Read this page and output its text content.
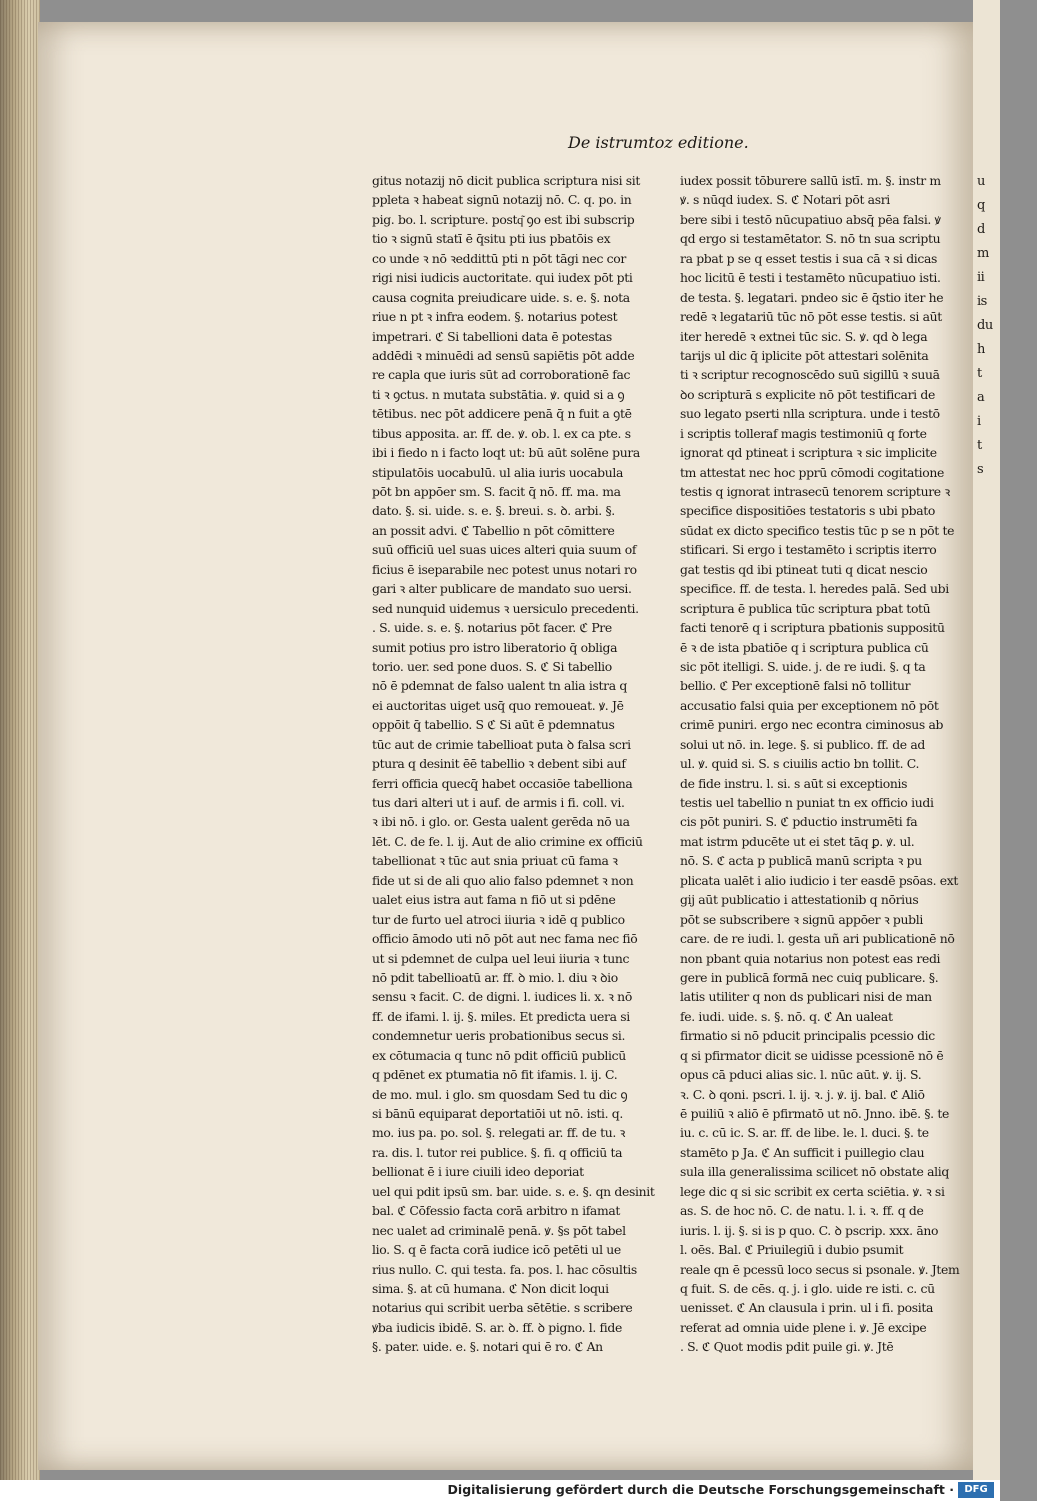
De istrumtoz editione.
gitus notazij nō dicit publica scriptura nisi sit
ppleta ꝛ habeat signū notazij nō. C. q. po. in
pig. bo. l. scripture. postq͂ ꝯo est ibi subscrip
tio ꝛ signū statī ē q̄situ pti ius pbatōis ex
co unde ꝛ nō ꝛeddittū pti n pōt tāgi nec cor
rigi nisi iudicis auctoritate. qui iudex pōt pti
causa cognita preiudicare uide. s. e. §. nota
riue n pt ꝛ infra eodem. §. notarius potest
impetrari. ℭ Si tabellioni data ē potestas
addēdi ꝛ minuēdi ad sensū sapiētis pōt adde
re capla que iuris sūt ad corroborationē fac
ti ꝛ ꝯctus. n mutata substātia. ꝟ. quid si a ꝯ
tētibus. nec pōt addicere penā q̄ n fuit a ꝯtē
tibus apposita. ar. ff. de. ꝟ. ob. l. ex ca pte. s
ibi i fiedo n i facto loqt ut: bū aūt solēne pura
stipulatōis uocabulū. ul alia iuris uocabula
pōt bn appōer sm. S. facit q̄ nō. ff. ma. ma
dato. §. si. uide. s. e. §. breui. s. ꝺ. arbi. §.
an possit advi. ℭ Tabellio n pōt cōmittere
suū officiū uel suas uices alteri quia suum of
ficius ē iseparabile nec potest unus notari ro
gari ꝛ alter publicare de mandato suo uersi.
sed nunquid uidemus ꝛ uersiculo precedenti.
. S. uide. s. e. §. notarius pōt facer. ℭ Pre
sumit potius pro istro liberatorio q̄ obliga
torio. uer. sed pone duos. S. ℭ Si tabellio
nō ē pdemnat de falso ualent tn alia istra q
ei auctoritas uiget usq̄ quo remoueat. ꝟ. Jē
oppōit q̄ tabellio. S ℭ Si aūt ē pdemnatus
tūc aut de crimie tabellioat puta ꝺ falsa scri
ptura q desinit ēē tabellio ꝛ debent sibi auf
ferri officia quecq̄ habet occasiōe tabelliona
tus dari alteri ut i auf. de armis i fi. coll. vi.
ꝛ ibi nō. i glo. or. Gesta ualent gerēda nō ua
lēt. C. de fe. l. ij. Aut de alio crimine ex officiū
tabellionat ꝛ tūc aut snia priuat cū fama ꝛ
fide ut si de ali quo alio falso pdemnet ꝛ non
ualet eius istra aut fama n fiō ut si pdēne
tur de furto uel atroci iiuria ꝛ idē q publico
officio āmodo uti nō pōt aut nec fama nec fiō
ut si pdemnet de culpa uel leui iiuria ꝛ tunc
nō pdit tabellioatū ar. ff. ꝺ mio. l. diu ꝛ ꝺio
sensu ꝛ facit. C. de digni. l. iudices li. x. ꝛ nō
ff. de ifami. l. ij. §. miles. Et predicta uera si
condemnetur ueris probationibus secus si.
ex cōtumacia q tunc nō pdit officiū publicū
q pdēnet ex ptumatia nō fit ifamis. l. ij. C.
de mo. mul. i glo. sm quosdam Sed tu dic ꝯ
si bānū equiparat deportatiōi ut nō. isti. q.
mo. ius pa. po. sol. §. relegati ar. ff. de tu. ꝛ
ra. dis. l. tutor rei publice. §. fi. q officiū ta
bellionat ē i iure ciuili ideo deporiat
uel qui pdit ipsū sm. bar. uide. s. e. §. qn desinit
bal. ℭ Cōfessio facta corā arbitro n ifamat
nec ualet ad criminalē penā. ꝟ. §s pōt tabel
lio. S. q ē facta corā iudice icō petēti ul ue
rius nullo. C. qui testa. fa. pos. l. hac cōsultis
sima. §. at cū humana. ℭ Non dicit loqui
notarius qui scribit uerba sētētie. s scribere
ꝟba iudicis ibidē. S. ar. ꝺ. ff. ꝺ pigno. l. fide
§. pater. uide. e. §. notari qui ē ro. ℭ An
iudex possit tōburere sallū istī. m. §. instr m
ꝟ. s nūqd iudex. S. ℭ Notari pōt asri
bere sibi i testō nūcupatiuo absq̄ pēa falsi. ꝟ
qd ergo si testamētator. S. nō tn sua scriptu
ra pbat p se q esset testis i sua cā ꝛ si dicas
hoc licitū ē testi i testamēto nūcupatiuo isti.
de testa. §. legatari. pndeo sic ē q̄stio iter he
redē ꝛ legatariū tūc nō pōt esse testis. si aūt
iter heredē ꝛ extnei tūc sic. S. ꝟ. qd ꝺ lega
tarijs ul dic q̄ iplicite pōt attestari solēnita
ti ꝛ scriptur recognoscēdo suū sigillū ꝛ suuā
ꝺo scripturā s explicite nō pōt testificari de
suo legato pserti nlla scriptura. unde i testō
i scriptis tolleraf magis testimoniū q forte
ignorat qd ptineat i scriptura ꝛ sic implicite
tm attestat nec hoc pprū cōmodi cogitatione
testis q ignorat intrasecū tenorem scripture ꝛ
specifice dispositiōes testatoris s ubi pbato
sūdat ex dicto specifico testis tūc p se n pōt te
stificari. Si ergo i testamēto i scriptis iterro
gat testis qd ibi ptineat tuti q dicat nescio
specifice. ff. de testa. l. heredes palā. Sed ubi
scriptura ē publica tūc scriptura pbat totū
facti tenorē q i scriptura pbationis suppositū
ē ꝛ de ista pbatiōe q i scriptura publica cū
sic pōt itelligi. S. uide. j. de re iudi. §. q ta
bellio. ℭ Per exceptionē falsi nō tollitur
accusatio falsi quia per exceptionem nō pōt
crimē puniri. ergo nec econtra ciminosus ab
solui ut nō. in. lege. §. si publico. ff. de ad
ul. ꝟ. quid si. S. s ciuilis actio bn tollit. C.
de fide instru. l. si. s aūt si exceptionis
testis uel tabellio n puniat tn ex officio iudi
cis pōt puniri. S. ℭ pductio instrumēti fa
mat istrm pducēte ut ei stet tāq ꝑ. ꝟ. ul.
nō. S. ℭ acta p publicā manū scripta ꝛ pu
plicata ualēt i alio iudicio i ter easdē psōas. ext
gij aūt publicatio i attestationib q nōrius
pōt se subscribere ꝛ signū appōer ꝛ publi
care. de re iudi. l. gesta uñ ari publicationē nō
non pbant quia notarius non potest eas redi
gere in publicā formā nec cuiq publicare. §.
latis utiliter q non ds publicari nisi de man
fe. iudi. uide. s. §. nō. q. ℭ An ualeat
firmatio si nō pducit principalis pcessio dic
q si pfirmator dicit se uidisse pcessionē nō ē
opus cā pduci alias sic. l. nūc aūt. ꝟ. ij. S.
ꝛ. C. ꝺ qoni. pscri. l. ij. ꝛ. j. ꝟ. ij. bal. ℭ Aliō
ē puiliū ꝛ aliō ē pfirmatō ut nō. Jnno. ibē. §. te
iu. c. cū ic. S. ar. ff. de libe. le. l. duci. §. te
stamēto p Ja. ℭ An sufficit i puillegio clau
sula illa generalissima scilicet nō obstate aliq
lege dic q si sic scribit ex certa sciētia. ꝟ. ꝛ si
as. S. de hoc nō. C. de natu. l. i. ꝛ. ff. q de
iuris. l. ij. §. si is p quo. C. ꝺ pscrip. xxx. āno
l. oēs. Bal. ℭ Priuilegiū i dubio psumit
reale qn ē pcessū loco secus si psonale. ꝟ. Jtem
q fuit. S. de cēs. q. j. i glo. uide re isti. c. cū
uenisset. ℭ An clausula i prin. ul i fi. posita
referat ad omnia uide plene i. ꝟ. Jē excipe
. S. ℭ Quot modis pdit puile gi. ꝟ. Jtē
u
q
d
m
ii
is
du
h
t
a
i
t
s
Digitalisierung gefördert durch die Deutsche Forschungsgemeinschaft ·	DFG
